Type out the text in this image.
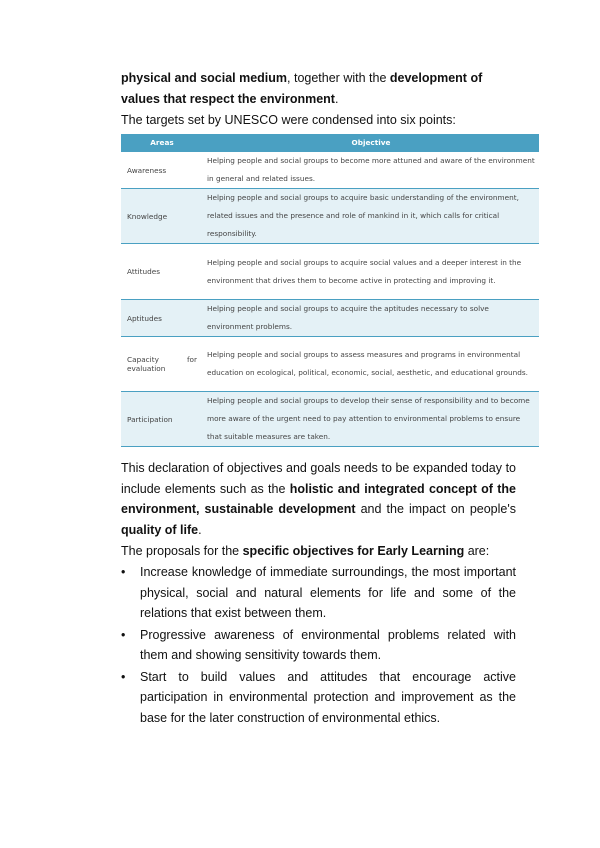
physical and social medium, together with the development of values that respect the environment.

The targets set by UNESCO were condensed into six points:

Areas	Objective
Awareness	Helping people and social groups to become more attuned and aware of the environment in general and related issues.
Knowledge	Helping people and social groups to acquire basic understanding of the environment, related issues and the presence and role of mankind in it, which calls for critical responsibility.
Attitudes	Helping people and social groups to acquire social values and a deeper interest in the environment that drives them to become active in protecting and improving it.
Aptitudes	Helping people and social groups to acquire the aptitudes necessary to solve environment problems.

Capacity for
evaluation	Helping people and social groups to assess measures and programs in environmental education on ecological, political, economic, social, aesthetic, and educational grounds.
Participation	Helping people and social groups to develop their sense of responsibility and to become more aware of the urgent need to pay attention to environmental problems to ensure that suitable measures are taken.

This declaration of objectives and goals needs to be expanded today to include elements such as the holistic and integrated concept of the environment, sustainable development and the impact on people's quality of life.

The proposals for the specific objectives for Early Learning are:

• Increase knowledge of immediate surroundings, the most important physical, social and natural elements for life and some of the relations that exist between them.
• Progressive awareness of environmental problems related with them and showing sensitivity towards them.
• Start to build values and attitudes that encourage active participation in environmental protection and improvement as the base for the later construction of environmental ethics.
